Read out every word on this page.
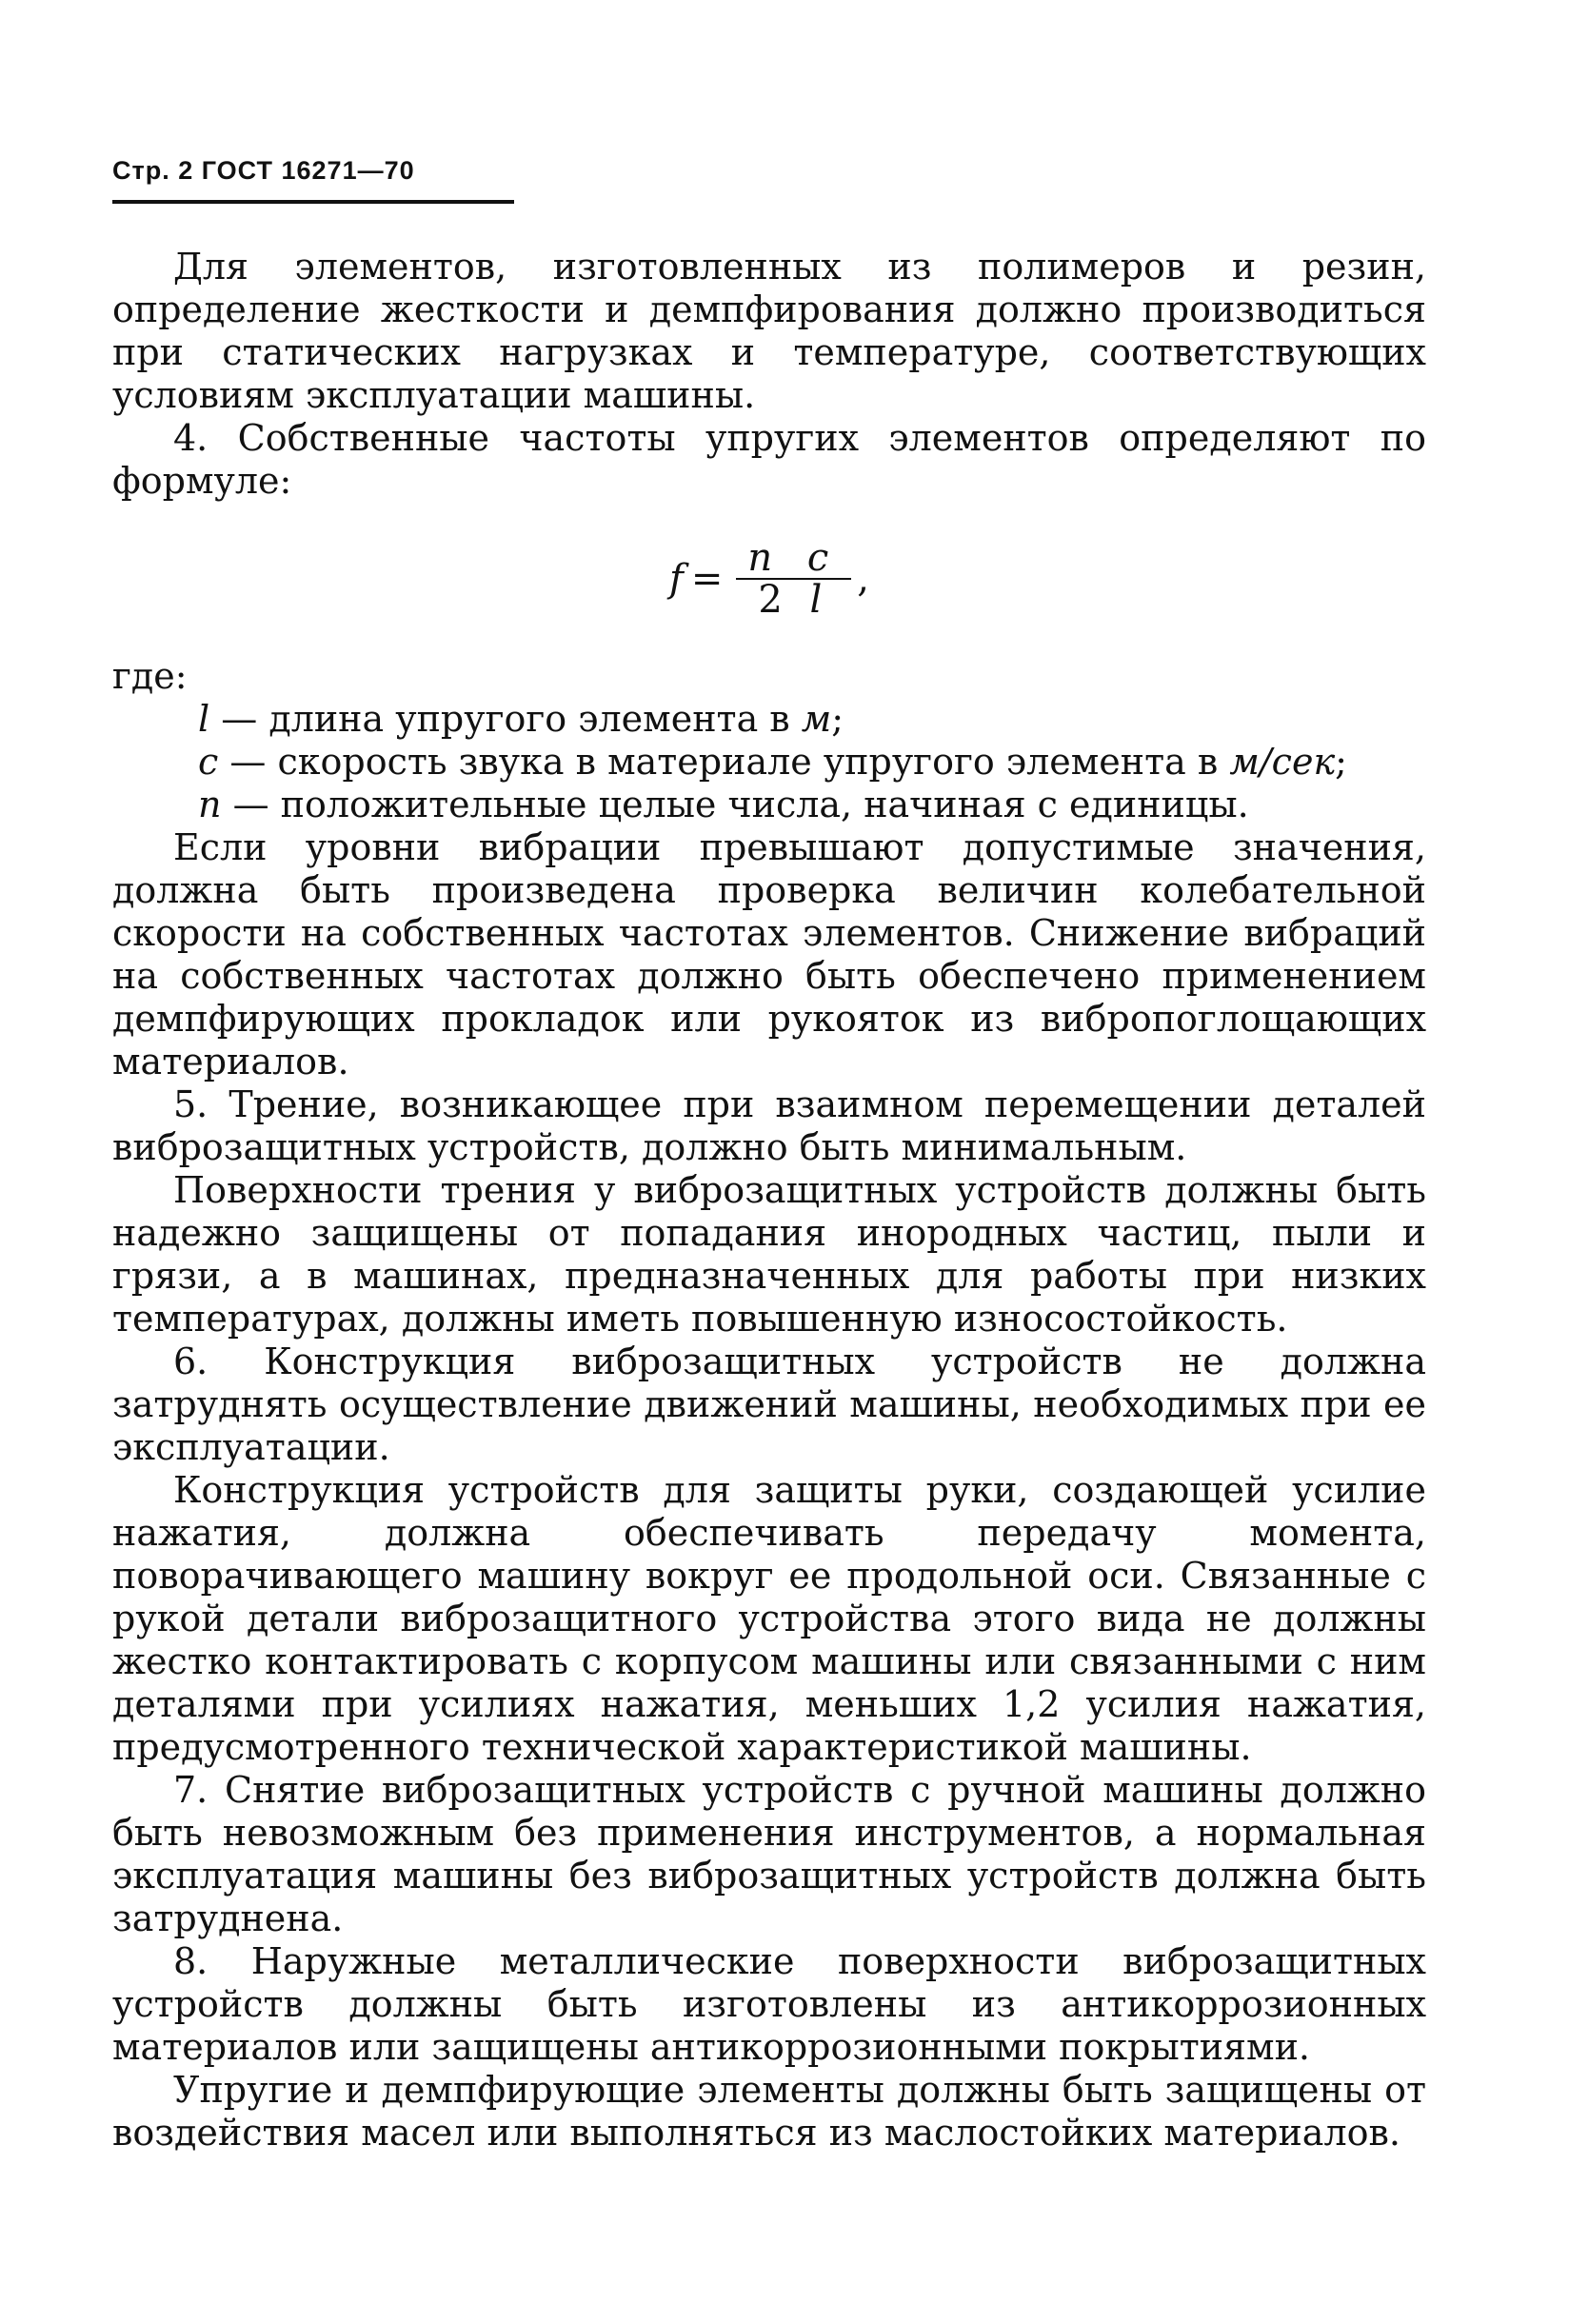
Стр. 2 ГОСТ 16271—70

Для элементов, изготовленных из полимеров и резин, определение жесткости и демпфирования должно производиться при статических нагрузках и температуре, соответствующих условиям эксплуатации машины.

4. Собственные частоты упругих элементов определяют по формуле:

$f = \frac{\text{n c}}{2 l}$ ,

где:

l — длина упругого элемента в м;

c — скорость звука в материале упругого элемента в м/сек;

n — положительные целые числа, начиная с единицы.

Если уровни вибрации превышают допустимые значения, должна быть произведена проверка величин колебательной скорости на собственных частотах элементов. Снижение вибраций на собственных частотах должно быть обеспечено применением демпфирующих прокладок или рукояток из вибропоглощающих материалов.

5. Трение, возникающее при взаимном перемещении деталей виброзащитных устройств, должно быть минимальным.

Поверхности трения у виброзащитных устройств должны быть надежно защищены от попадания инородных частиц, пыли и грязи, а в машинах, предназначенных для работы при низких температурах, должны иметь повышенную износостойкость.

6. Конструкция виброзащитных устройств не должна затруднять осуществление движений машины, необходимых при ее эксплуатации.

Конструкция устройств для защиты руки, создающей усилие нажатия, должна обеспечивать передачу момента, поворачивающего машину вокруг ее продольной оси. Связанные с рукой детали виброзащитного устройства этого вида не должны жестко контактировать с корпусом машины или связанными с ним деталями при усилиях нажатия, меньших 1,2 усилия нажатия, предусмотренного технической характеристикой машины.

7. Снятие виброзащитных устройств с ручной машины должно быть невозможным без применения инструментов, а нормальная эксплуатация машины без виброзащитных устройств должна быть затруднена.

8. Наружные металлические поверхности виброзащитных устройств должны быть изготовлены из антикоррозионных материалов или защищены антикоррозионными покрытиями.

Упругие и демпфирующие элементы должны быть защищены от воздействия масел или выполняться из маслостойких материалов.
